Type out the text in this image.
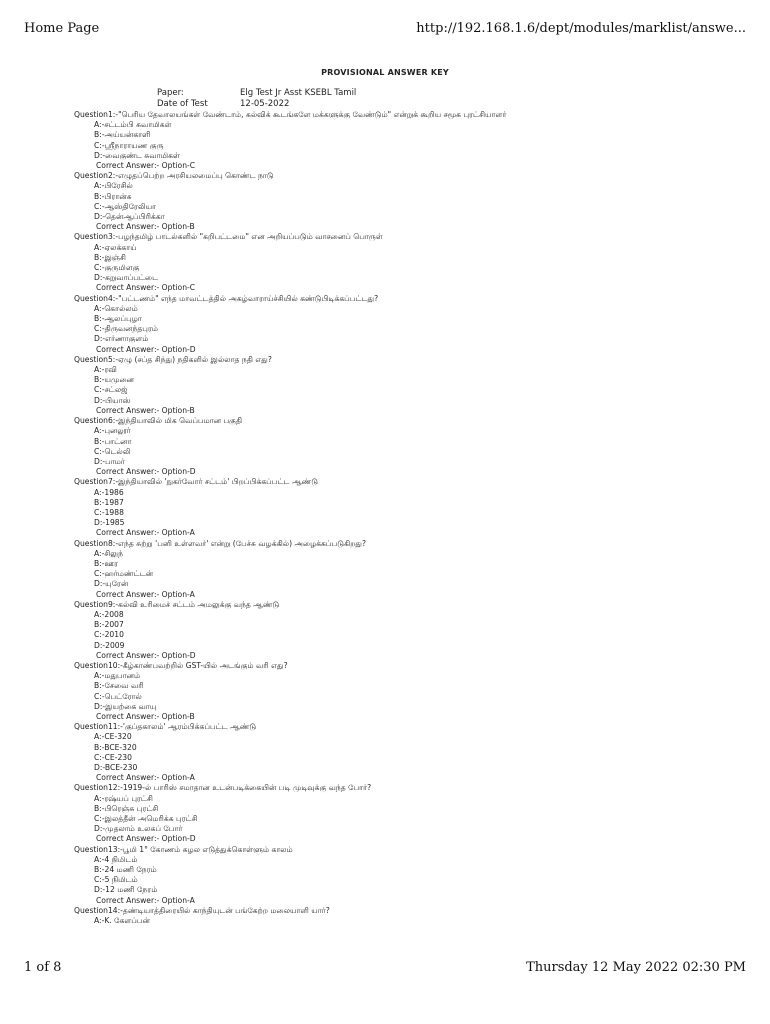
Home Page	http://192.168.1.6/dept/modules/marklist/answe...
PROVISIONAL ANSWER KEY
Paper:	Elg Test Jr Asst KSEBL Tamil
Date of Test	12-05-2022
Question1:-"பெரிய தேவாலயங்கள் வேண்டாம், கல்விக் கூடங்களே மக்களுக்கு வேண்டும்" என்றுக் கூறிய சமூக புரட்சியாளர்
A:-சட்டம்பி சுவாமிகள்
B:-அய்யன்காளி
C:-ஸ்ரீநாராயண குரு
D:-வைகுண்ட சுவாமிகள்
Correct Answer:- Option-C
Question2:-எழுதப்பெற்ற அரசியலமைப்பு கொண்ட நாடு
A:-பிரேசில்
B:-பிரான்சு
C:-ஆஸ்திரேலியா
D:-தென்ஆப்பிரிக்கா
Correct Answer:- Option-B
Question3:-பழந்தமிழ் பாடல்களில் "கறிபட்டமை" என அறியப்படும் வாசனைப் பொருள்
A:-ஏலக்காய்
B:-இஞ்சி
C:-குருமிளகு
D:-கறுவாப்பட்டை
Correct Answer:- Option-C
Question4:-"பட்டணம்" எந்த மாவட்டத்தில் அகழ்வாராய்ச்சியில் கண்டுபிடிக்கப்பட்டது?
A:-கொல்லம்
B:-ஆலப்புழா
C:-திருவனந்தபுரம்
D:-எர்ணாகுளம்
Correct Answer:- Option-D
Question5:-ஏழு (சப்த சிந்து) நதிகளில் இல்லாத நதி எது?
A:-ரவி
B:-யமுனை
C:-சட்லஜ்
D:-பியாஸ்
Correct Answer:- Option-B
Question6:-இந்தியாவில் மிக வெப்பமான பகுதி
A:-புனலூர்
B:-பாட்னா
C:-டெல்லி
D:-பாமர்
Correct Answer:- Option-D
Question7:-இந்தியாவில் 'நுகர்வோர் சட்டம்' பிறப்பிக்கப்பட்ட ஆண்டு
A:-1986
B:-1987
C:-1988
D:-1985
Correct Answer:- Option-A
Question8:-எந்த சுற்று 'பனி உள்ளவர்' என்று (பேச்சு வழக்கில்) அழைக்கப்படுகிறது?
A:-சிலுந்
B:-ஊர
C:-ஹர்மண்ட்டன்
D:-யுரேன்
Correct Answer:- Option-A
Question9:-கல்வி உரிமைச் சட்டம் அமலுக்கு வந்த ஆண்டு
A:-2008
B:-2007
C:-2010
D:-2009
Correct Answer:- Option-D
Question10:-கீழ்காண்பவற்றில் GST-யில் அடங்கும் வரி எது?
A:-மதுபானம்
B:-சேவை வரி
C:-பெட்ரோல்
D:-இயற்கை வாயு
Correct Answer:- Option-B
Question11:-'குப்தகாலம்' ஆரம்பிக்கப்பட்ட ஆண்டு
A:-CE-320
B:-BCE-320
C:-CE-230
D:-BCE-230
Correct Answer:- Option-A
Question12:-1919-ல் பாரிஸ் சமாதான உடன்படிக்கையின் படி முடிவுக்கு வந்த போர்?
A:-ரஷ்யப் புரட்சி
B:-பிரெஞ்சு புரட்சி
C:-இலத்தீன் அமெரிக்க புரட்சி
D:-முதலாம் உலகப் போர்
Correct Answer:- Option-D
Question13:-பூமி 1° கோணம் சுழல எடுத்துக்கொள்ளும் காலம்
A:-4 நிமிடம்
B:-24 மணி நேரம்
C:-5 நிமிடம்
D:-12 மணி நேரம்
Correct Answer:- Option-A
Question14:-தண்டியாத்திரையில் காந்தியுடன் பங்கேற்ற மலையாளி யார்?
A:-K. கேளப்பன்
1 of 8	Thursday 12 May 2022 02:30 PM
